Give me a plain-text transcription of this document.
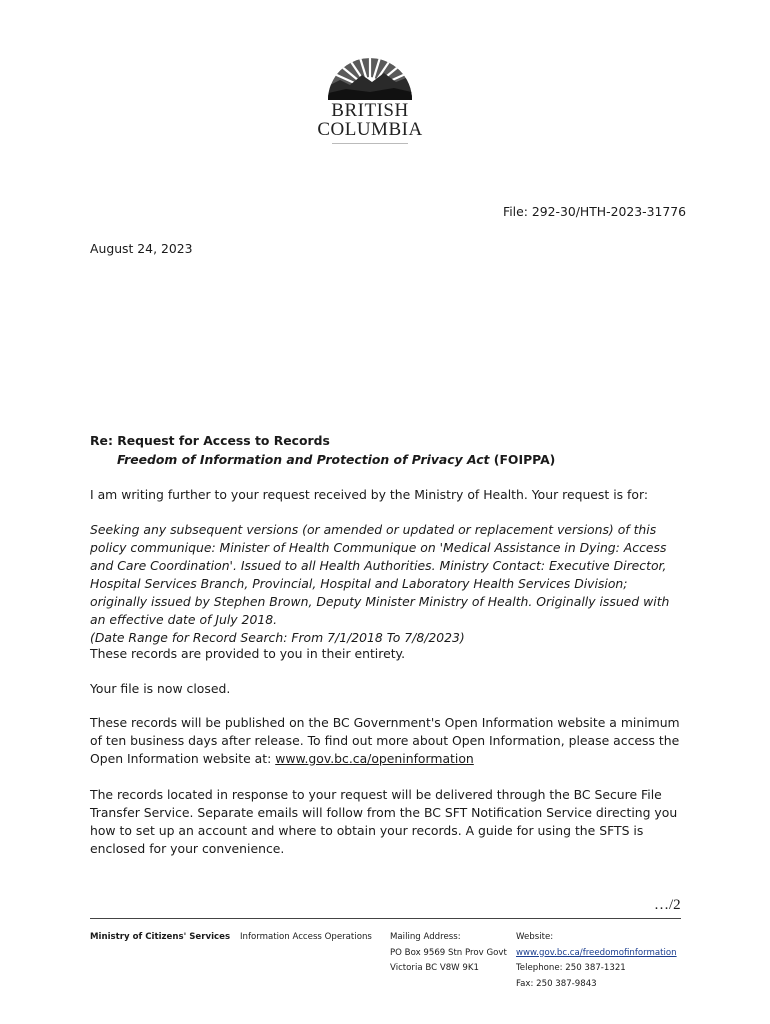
BRITISH
COLUMBIA
File: 292-30/HTH-2023-31776
August 24, 2023
Re: Request for Access to Records
Freedom of Information and Protection of Privacy Act (FOIPPA)
I am writing further to your request received by the Ministry of Health. Your request is for:
Seeking any subsequent versions (or amended or updated or replacement versions) of this policy communique: Minister of Health Communique on 'Medical Assistance in Dying: Access and Care Coordination'. Issued to all Health Authorities. Ministry Contact: Executive Director, Hospital Services Branch, Provincial, Hospital and Laboratory Health Services Division; originally issued by Stephen Brown, Deputy Minister Ministry of Health. Originally issued with an effective date of July 2018.
(Date Range for Record Search: From 7/1/2018 To 7/8/2023)
These records are provided to you in their entirety.
Your file is now closed.
These records will be published on the BC Government's Open Information website a minimum of ten business days after release. To find out more about Open Information, please access the Open Information website at: www.gov.bc.ca/openinformation
The records located in response to your request will be delivered through the BC Secure File Transfer Service. Separate emails will follow from the BC SFT Notification Service directing you how to set up an account and where to obtain your records. A guide for using the SFTS is enclosed for your convenience.
…/2
Ministry of Citizens' Services Information Access Operations Mailing Address:
PO Box 9569 Stn Prov Govt
Victoria BC V8W 9K1
Website:
www.gov.bc.ca/freedomofinformation
Telephone: 250 387-1321
Fax: 250 387-9843
